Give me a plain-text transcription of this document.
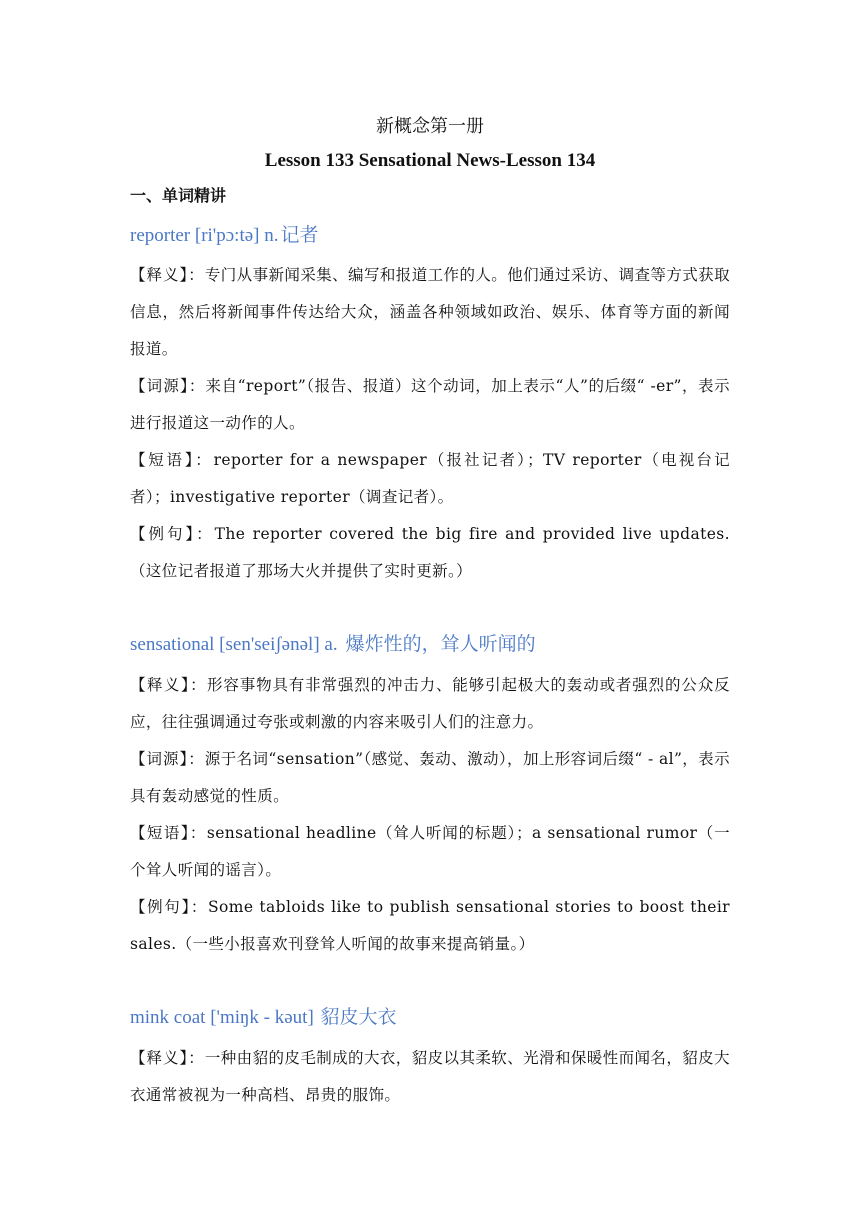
新概念第一册
Lesson 133 Sensational News-Lesson 134
一、单词精讲
reporter [ri'pɔ:tə] n. 记者
【释义】：专门从事新闻采集、编写和报道工作的人。他们通过采访、调查等方式获取信息，然后将新闻事件传达给大众，涵盖各种领域如政治、娱乐、体育等方面的新闻报道。
【词源】：来自“report”（报告、报道）这个动词，加上表示“人”的后缀“ -er”，表示进行报道这一动作的人。
【短语】：reporter for a newspaper（报社记者）；TV reporter（电视台记者）；investigative reporter（调查记者）。
【例句】：The reporter covered the big fire and provided live updates.（这位记者报道了那场大火并提供了实时更新。）
sensational [sen'seiʃənəl] a. 爆炸性的，耸人听闻的
【释义】：形容事物具有非常强烈的冲击力、能够引起极大的轰动或者强烈的公众反应，往往强调通过夸张或刺激的内容来吸引人们的注意力。
【词源】：源于名词“sensation”（感觉、轰动、激动），加上形容词后缀“ - al”，表示具有轰动感觉的性质。
【短语】：sensational headline（耸人听闻的标题）；a sensational rumor（一个耸人听闻的谣言）。
【例句】：Some tabloids like to publish sensational stories to boost their sales.（一些小报喜欢刊登耸人听闻的故事来提高销量。）
mink coat ['miŋk - kəut] 貂皮大衣
【释义】：一种由貂的皮毛制成的大衣，貂皮以其柔软、光滑和保暖性而闻名，貂皮大衣通常被视为一种高档、昂贵的服饰。
